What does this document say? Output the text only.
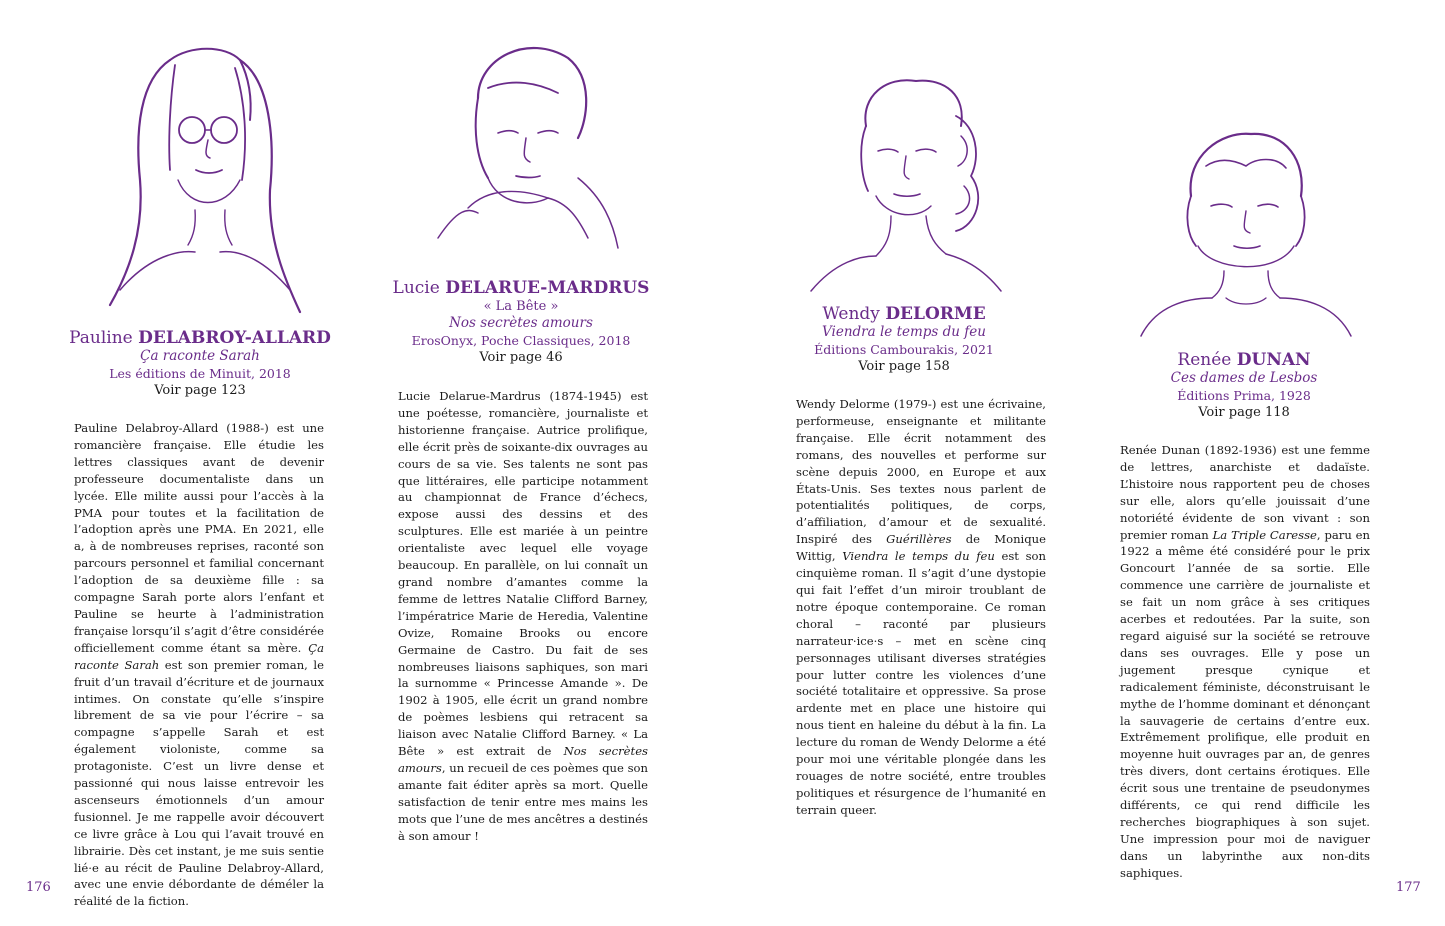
Pauline DELABROY-ALLARD
Ça raconte Sarah
Les éditions de Minuit, 2018
Voir page 123

Pauline Delabroy-Allard (1988-) est une romancière française. Elle étudie les lettres classiques avant de devenir professeure documentaliste dans un lycée. Elle milite aussi pour l’accès à la PMA pour toutes et la facilitation de l’adoption après une PMA. En 2021, elle a, à de nombreuses reprises, raconté son parcours personnel et familial concernant l’adoption de sa deuxième fille : sa compagne Sarah porte alors l’enfant et Pauline se heurte à l’administration française lorsqu’il s’agit d’être considérée officiellement comme étant sa mère. Ça raconte Sarah est son premier roman, le fruit d’un travail d’écriture et de journaux intimes. On constate qu’elle s’inspire librement de sa vie pour l’écrire – sa compagne s’appelle Sarah et est également violoniste, comme sa protagoniste. C’est un livre dense et passionné qui nous laisse entrevoir les ascenseurs émotionnels d’un amour fusionnel. Je me rappelle avoir découvert ce livre grâce à Lou qui l’avait trouvé en librairie. Dès cet instant, je me suis sentie lié·e au récit de Pauline Delabroy-Allard, avec une envie débordante de déméler la réalité de la fiction.

Lucie DELARUE-MARDRUS
« La Bête »
Nos secrètes amours
ErosOnyx, Poche Classiques, 2018
Voir page 46

Lucie Delarue-Mardrus (1874-1945) est une poétesse, romancière, journaliste et historienne française. Autrice prolifique, elle écrit près de soixante-dix ouvrages au cours de sa vie. Ses talents ne sont pas que littéraires, elle participe notamment au championnat de France d’échecs, expose aussi des dessins et des sculptures. Elle est mariée à un peintre orientaliste avec lequel elle voyage beaucoup. En parallèle, on lui connaît un grand nombre d’amantes comme la femme de lettres Natalie Clifford Barney, l’impératrice Marie de Heredia, Valentine Ovize, Romaine Brooks ou encore Germaine de Castro. Du fait de ses nombreuses liaisons saphiques, son mari la surnomme « Princesse Amande ». De 1902 à 1905, elle écrit un grand nombre de poèmes lesbiens qui retracent sa liaison avec Natalie Clifford Barney. « La Bête » est extrait de Nos secrètes amours, un recueil de ces poèmes que son amante fait éditer après sa mort. Quelle satisfaction de tenir entre mes mains les mots que l’une de mes ancêtres a destinés à son amour !

176
Wendy DELORME
Viendra le temps du feu
Éditions Cambourakis, 2021
Voir page 158

Wendy Delorme (1979-) est une écrivaine, performeuse, enseignante et militante française. Elle écrit notamment des romans, des nouvelles et performe sur scène depuis 2000, en Europe et aux États-Unis. Ses textes nous parlent de potentialités politiques, de corps, d’affiliation, d’amour et de sexualité. Inspiré des Guérillères de Monique Wittig, Viendra le temps du feu est son cinquième roman. Il s’agit d’une dystopie qui fait l’effet d’un miroir troublant de notre époque contemporaine. Ce roman choral – raconté par plusieurs narrateur·ice·s – met en scène cinq personnages utilisant diverses stratégies pour lutter contre les violences d’une société totalitaire et oppressive. Sa prose ardente met en place une histoire qui nous tient en haleine du début à la fin. La lecture du roman de Wendy Delorme a été pour moi une véritable plongée dans les rouages de notre société, entre troubles politiques et résurgence de l’humanité en terrain queer.

Renée DUNAN
Ces dames de Lesbos
Éditions Prima, 1928
Voir page 118

Renée Dunan (1892-1936) est une femme de lettres, anarchiste et dadaïste. L’histoire nous rapportent peu de choses sur elle, alors qu’elle jouissait d’une notoriété évidente de son vivant : son premier roman La Triple Caresse, paru en 1922 a même été considéré pour le prix Goncourt l’année de sa sortie. Elle commence une carrière de journaliste et se fait un nom grâce à ses critiques acerbes et redoutées. Par la suite, son regard aiguisé sur la société se retrouve dans ses ouvrages. Elle y pose un jugement presque cynique et radicalement féministe, déconstruisant le mythe de l’homme dominant et dénonçant la sauvagerie de certains d’entre eux. Extrêmement prolifique, elle produit en moyenne huit ouvrages par an, de genres très divers, dont certains érotiques. Elle écrit sous une trentaine de pseudonymes différents, ce qui rend difficile les recherches biographiques à son sujet. Une impression pour moi de naviguer dans un labyrinthe aux non-dits saphiques.

177
